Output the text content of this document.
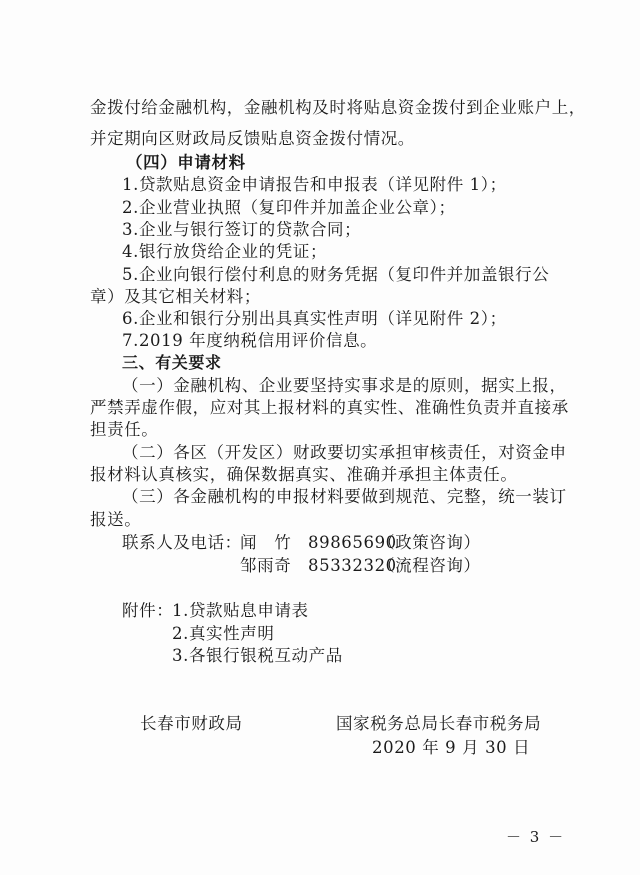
金拨付给金融机构，金融机构及时将贴息资金拨付到企业账户上，
并定期向区财政局反馈贴息资金拨付情况。
（四）申请材料
1.贷款贴息资金申请报告和申报表（详见附件 1）；
2.企业营业执照（复印件并加盖企业公章）；
3.企业与银行签订的贷款合同；
4.银行放贷给企业的凭证；
5.企业向银行偿付利息的财务凭据（复印件并加盖银行公
章）及其它相关材料；
6.企业和银行分别出具真实性声明（详见附件 2）；
7.2019 年度纳税信用评价信息。
三、有关要求
（一）金融机构、企业要坚持实事求是的原则，据实上报，
严禁弄虚作假，应对其上报材料的真实性、准确性负责并直接承
担责任。
（二）各区（开发区）财政要切实承担审核责任，对资金申
报材料认真核实，确保数据真实、准确并承担主体责任。
（三）各金融机构的申报材料要做到规范、完整，统一装订
报送。
联系人及电话：
闻　竹 89865690
（政策咨询）
邹雨奇 85332320
（流程咨询）
附件：
1.贷款贴息申请表
2.真实性声明
3.各银行银税互动产品
长春市财政局	国家税务总局长春市税务局
2020 年 9 月 30 日
－ 3 －
